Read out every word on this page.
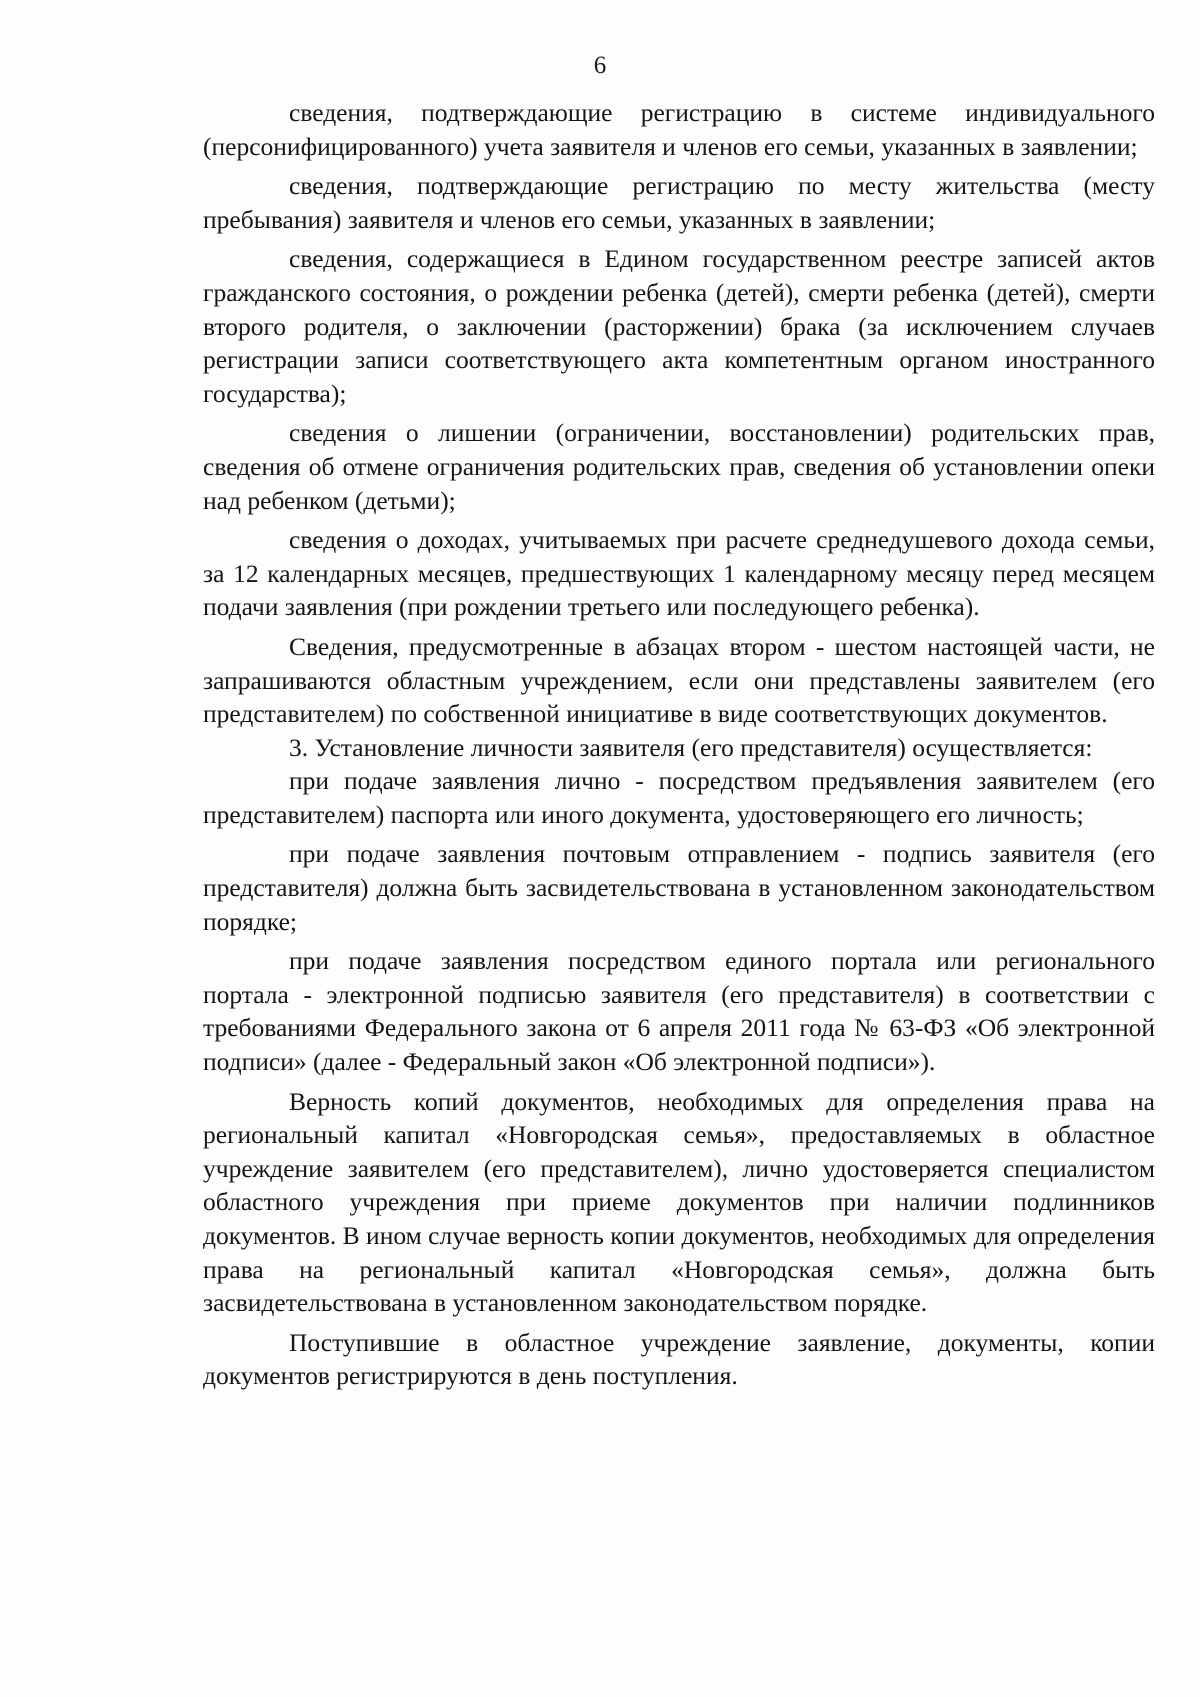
6

сведения, подтверждающие регистрацию в системе индивидуального (персонифицированного) учета заявителя и членов его семьи, указанных в заявлении;

сведения, подтверждающие регистрацию по месту жительства (месту пребывания) заявителя и членов его семьи, указанных в заявлении;

сведения, содержащиеся в Едином государственном реестре записей актов гражданского состояния, о рождении ребенка (детей), смерти ребенка (детей), смерти второго родителя, о заключении (расторжении) брака (за исключением случаев регистрации записи соответствующего акта компетентным органом иностранного государства);

сведения о лишении (ограничении, восстановлении) родительских прав, сведения об отмене ограничения родительских прав, сведения об установлении опеки над ребенком (детьми);

сведения о доходах, учитываемых при расчете среднедушевого дохода семьи, за 12 календарных месяцев, предшествующих 1 календарному месяцу перед месяцем подачи заявления (при рождении третьего или последующего ребенка).

Сведения, предусмотренные в абзацах втором - шестом настоящей части, не запрашиваются областным учреждением, если они представлены заявителем (его представителем) по собственной инициативе в виде соответствующих документов.

3. Установление личности заявителя (его представителя) осуществляется:

при подаче заявления лично - посредством предъявления заявителем (его представителем) паспорта или иного документа, удостоверяющего его личность;

при подаче заявления почтовым отправлением - подпись заявителя (его представителя) должна быть засвидетельствована в установленном законодательством порядке;

при подаче заявления посредством единого портала или регионального портала - электронной подписью заявителя (его представителя) в соответствии с требованиями Федерального закона от 6 апреля 2011 года № 63-ФЗ «Об электронной подписи» (далее - Федеральный закон «Об электронной подписи»).

Верность копий документов, необходимых для определения права на региональный капитал «Новгородская семья», предоставляемых в областное учреждение заявителем (его представителем), лично удостоверяется специалистом областного учреждения при приеме документов при наличии подлинников документов. В ином случае верность копии документов, необходимых для определения права на региональный капитал «Новгородская семья», должна быть засвидетельствована в установленном законодательством порядке.

Поступившие в областное учреждение заявление, документы, копии документов регистрируются в день поступления.
